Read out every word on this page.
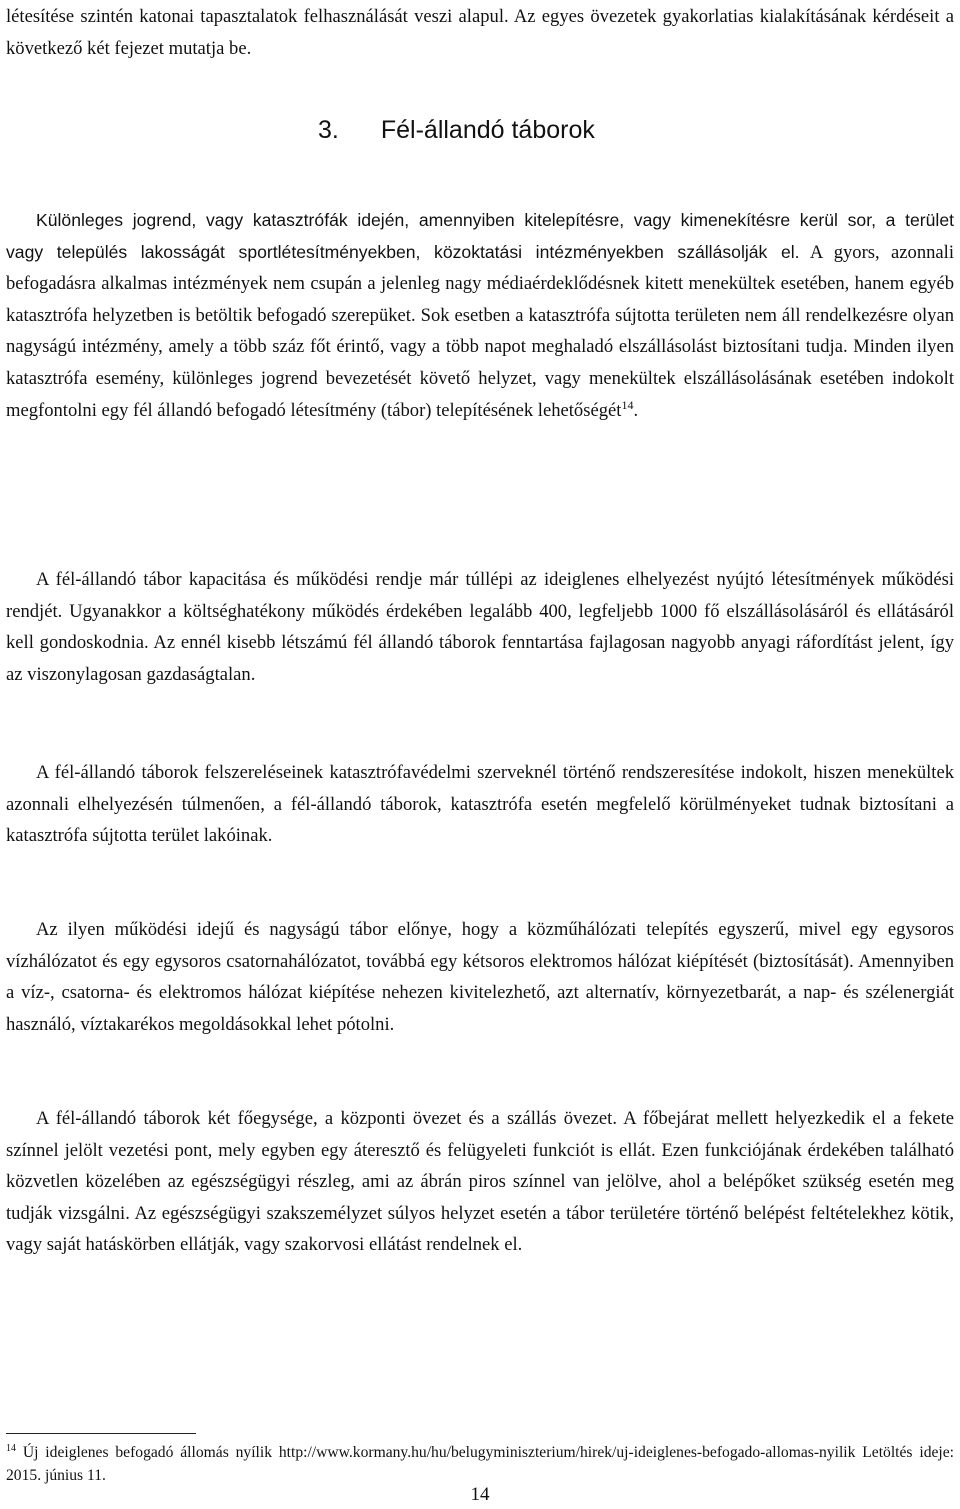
létesítése szintén katonai tapasztalatok felhasználását veszi alapul. Az egyes övezetek gyakorlatias kialakításának kérdéseit a következő két fejezet mutatja be.

3. Fél-állandó táborok

Különleges jogrend, vagy katasztrófák idején, amennyiben kitelepítésre, vagy kimenekítésre kerül sor, a terület vagy település lakosságát sportlétesítményekben, közoktatási intézményekben szállásolják el. A gyors, azonnali befogadásra alkalmas intézmények nem csupán a jelenleg nagy médiaérdeklődésnek kitett menekültek esetében, hanem egyéb katasztrófa helyzetben is betöltik befogadó szerepüket. Sok esetben a katasztrófa sújtotta területen nem áll rendelkezésre olyan nagyságú intézmény, amely a több száz főt érintő, vagy a több napot meghaladó elszállásolást biztosítani tudja. Minden ilyen katasztrófa esemény, különleges jogrend bevezetését követő helyzet, vagy menekültek elszállásolásának esetében indokolt megfontolni egy fél állandó befogadó létesítmény (tábor) telepítésének lehetőségét$^{14}$.

A fél-állandó tábor kapacitása és működési rendje már túllépi az ideiglenes elhelyezést nyújtó létesítmények működési rendjét. Ugyanakkor a költséghatékony működés érdekében legalább 400, legfeljebb 1000 fő elszállásolásáról és ellátásáról kell gondoskodnia. Az ennél kisebb létszámú fél állandó táborok fenntartása fajlagosan nagyobb anyagi ráfordítást jelent, így az viszonylagosan gazdaságtalan.

A fél-állandó táborok felszereléseinek katasztrófavédelmi szerveknél történő rendszeresítése indokolt, hiszen menekültek azonnali elhelyezésén túlmenően, a fél-állandó táborok, katasztrófa esetén megfelelő körülményeket tudnak biztosítani a katasztrófa sújtotta terület lakóinak.

Az ilyen működési idejű és nagyságú tábor előnye, hogy a közműhálózati telepítés egyszerű, mivel egy egysoros vízhálózatot és egy egysoros csatornahálózatot, továbbá egy kétsoros elektromos hálózat kiépítését (biztosítását). Amennyiben a víz-, csatorna- és elektromos hálózat kiépítése nehezen kivitelezhető, azt alternatív, környezetbarát, a nap- és szélenergiát használó, víztakarékos megoldásokkal lehet pótolni.

A fél-állandó táborok két főegysége, a központi övezet és a szállás övezet. A főbejárat mellett helyezkedik el a fekete színnel jelölt vezetési pont, mely egyben egy áteresztő és felügyeleti funkciót is ellát. Ezen funkciójának érdekében található közvetlen közelében az egészségügyi részleg, ami az ábrán piros színnel van jelölve, ahol a belépőket szükség esetén meg tudják vizsgálni. Az egészségügyi szakszemélyzet súlyos helyzet esetén a tábor területére történő belépést feltételekhez kötik, vagy saját hatáskörben ellátják, vagy szakorvosi ellátást rendelnek el.

$^{14}$ Új ideiglenes befogadó állomás nyílik http://www.kormany.hu/hu/belugyminiszterium/hirek/uj-ideiglenes-befogado-allomas-nyilik Letöltés ideje: 2015. június 11.

14
